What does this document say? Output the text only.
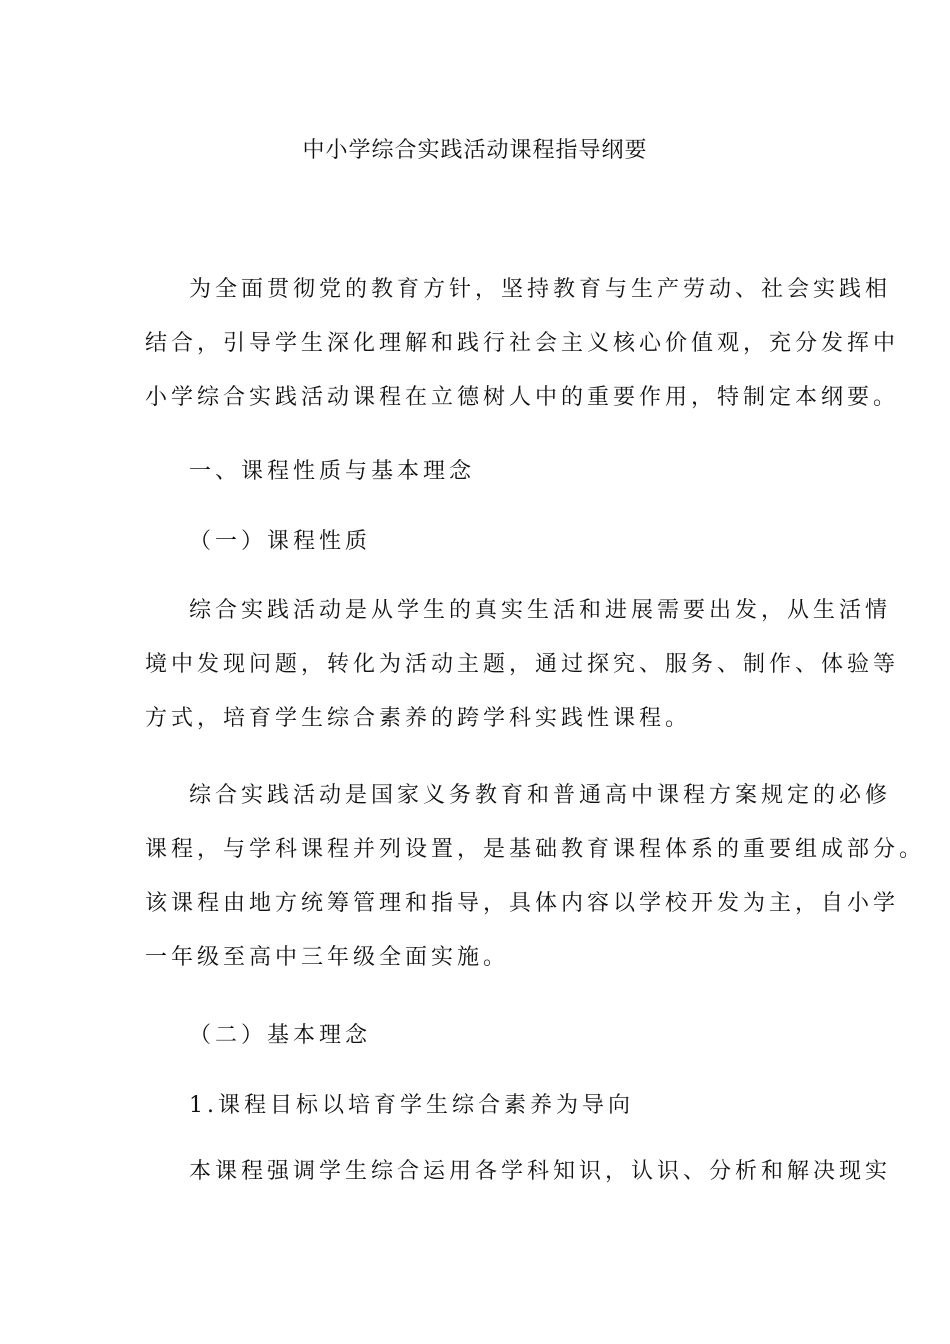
中小学综合实践活动课程指导纲要
为全面贯彻党的教育方针，坚持教育与生产劳动、社会实践相
结合，引导学生深化理解和践行社会主义核心价值观，充分发挥中
小学综合实践活动课程在立德树人中的重要作用，特制定本纲要。
一、课程性质与基本理念
（一）课程性质
综合实践活动是从学生的真实生活和进展需要出发，从生活情
境中发现问题，转化为活动主题，通过探究、服务、制作、体验等
方式，培育学生综合素养的跨学科实践性课程。
综合实践活动是国家义务教育和普通高中课程方案规定的必修
课程，与学科课程并列设置，是基础教育课程体系的重要组成部分。
该课程由地方统筹管理和指导，具体内容以学校开发为主，自小学
一年级至高中三年级全面实施。
（二）基本理念
1.课程目标以培育学生综合素养为导向
本课程强调学生综合运用各学科知识，认识、分析和解决现实
